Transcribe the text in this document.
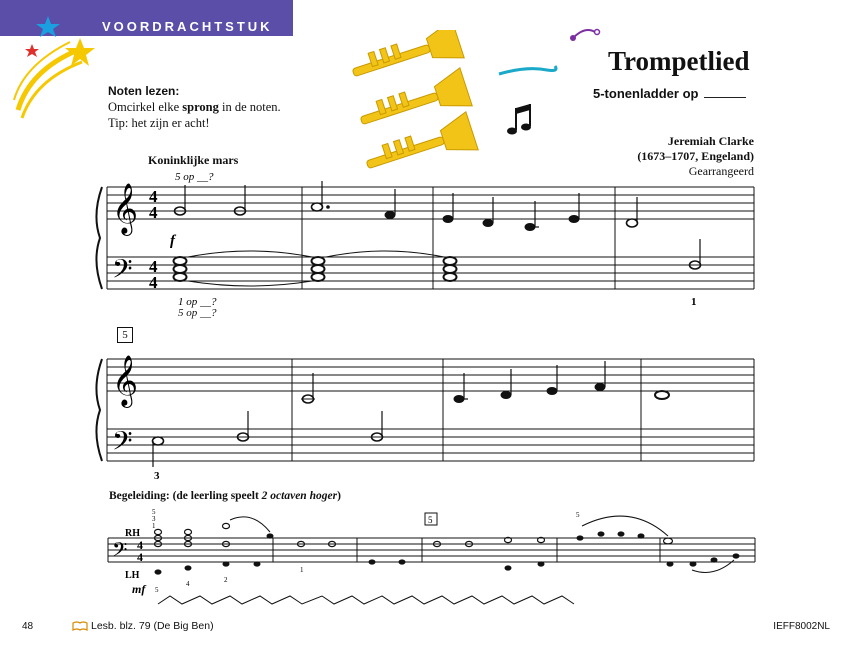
VOORDRACHTSTUK
Trompetlied
5-tonenladder op
Jeremiah Clarke
(1673–1707, Engeland)
Gearrangeerd
Noten lezen:
Omcirkel elke sprong in de noten.
Tip: het zijn er acht!
Koninklijke mars
𝄞
𝄢
4
4
4
4
5 op __?
f
1 op __?	1
5 op __?
5
𝄞
𝄢
3
Begeleiding: (de leerling speelt 2 octaven hoger)
RH
LH
mf
𝄢 4
4
5
3
1
5
4	2
1
5	5
48	Lesb. blz. 79 (De Big Ben)	IEFF8002NL
